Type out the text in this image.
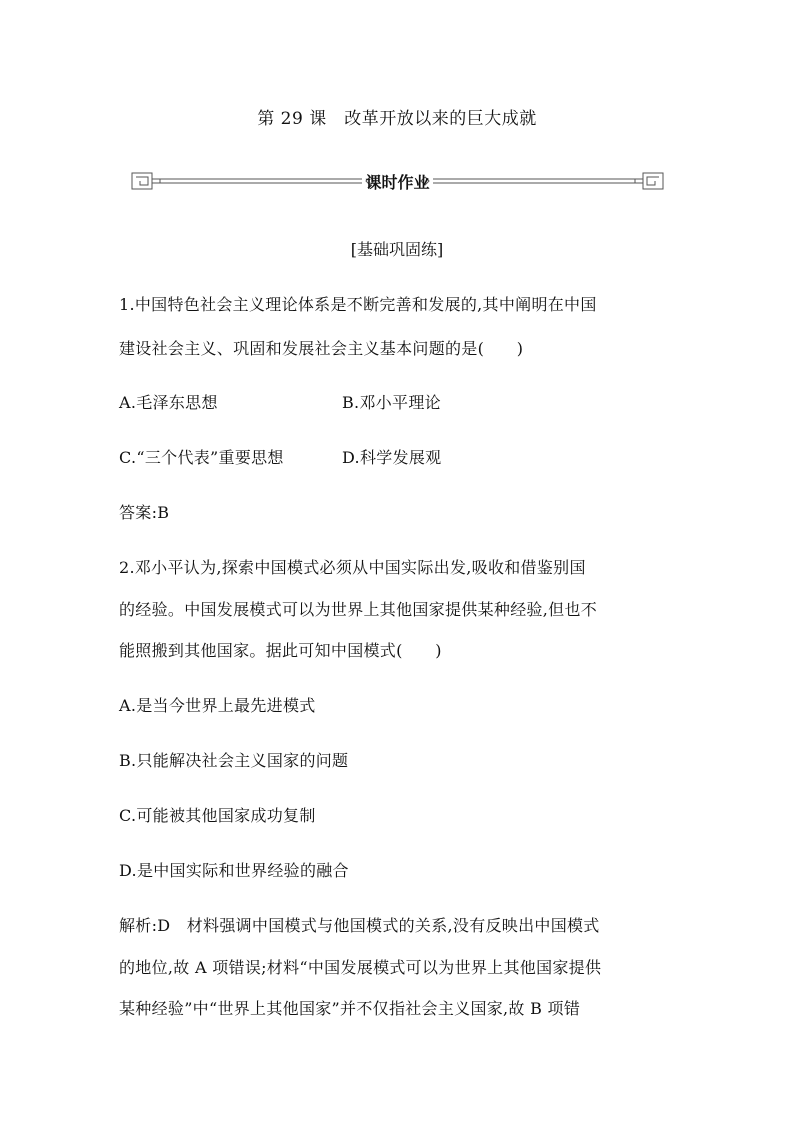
第 29 课　改革开放以来的巨大成就
课时作业
[基础巩固练]
1.中国特色社会主义理论体系是不断完善和发展的,其中阐明在中国
建设社会主义、巩固和发展社会主义基本问题的是(　　)
A.毛泽东思想	B.邓小平理论
C.“三个代表”重要思想	D.科学发展观
答案:B
2.邓小平认为,探索中国模式必须从中国实际出发,吸收和借鉴别国
的经验。中国发展模式可以为世界上其他国家提供某种经验,但也不
能照搬到其他国家。据此可知中国模式(　　)
A.是当今世界上最先进模式
B.只能解决社会主义国家的问题
C.可能被其他国家成功复制
D.是中国实际和世界经验的融合
解析:D　材料强调中国模式与他国模式的关系,没有反映出中国模式
的地位,故 A 项错误;材料“中国发展模式可以为世界上其他国家提供
某种经验”中“世界上其他国家”并不仅指社会主义国家,故 B 项错
